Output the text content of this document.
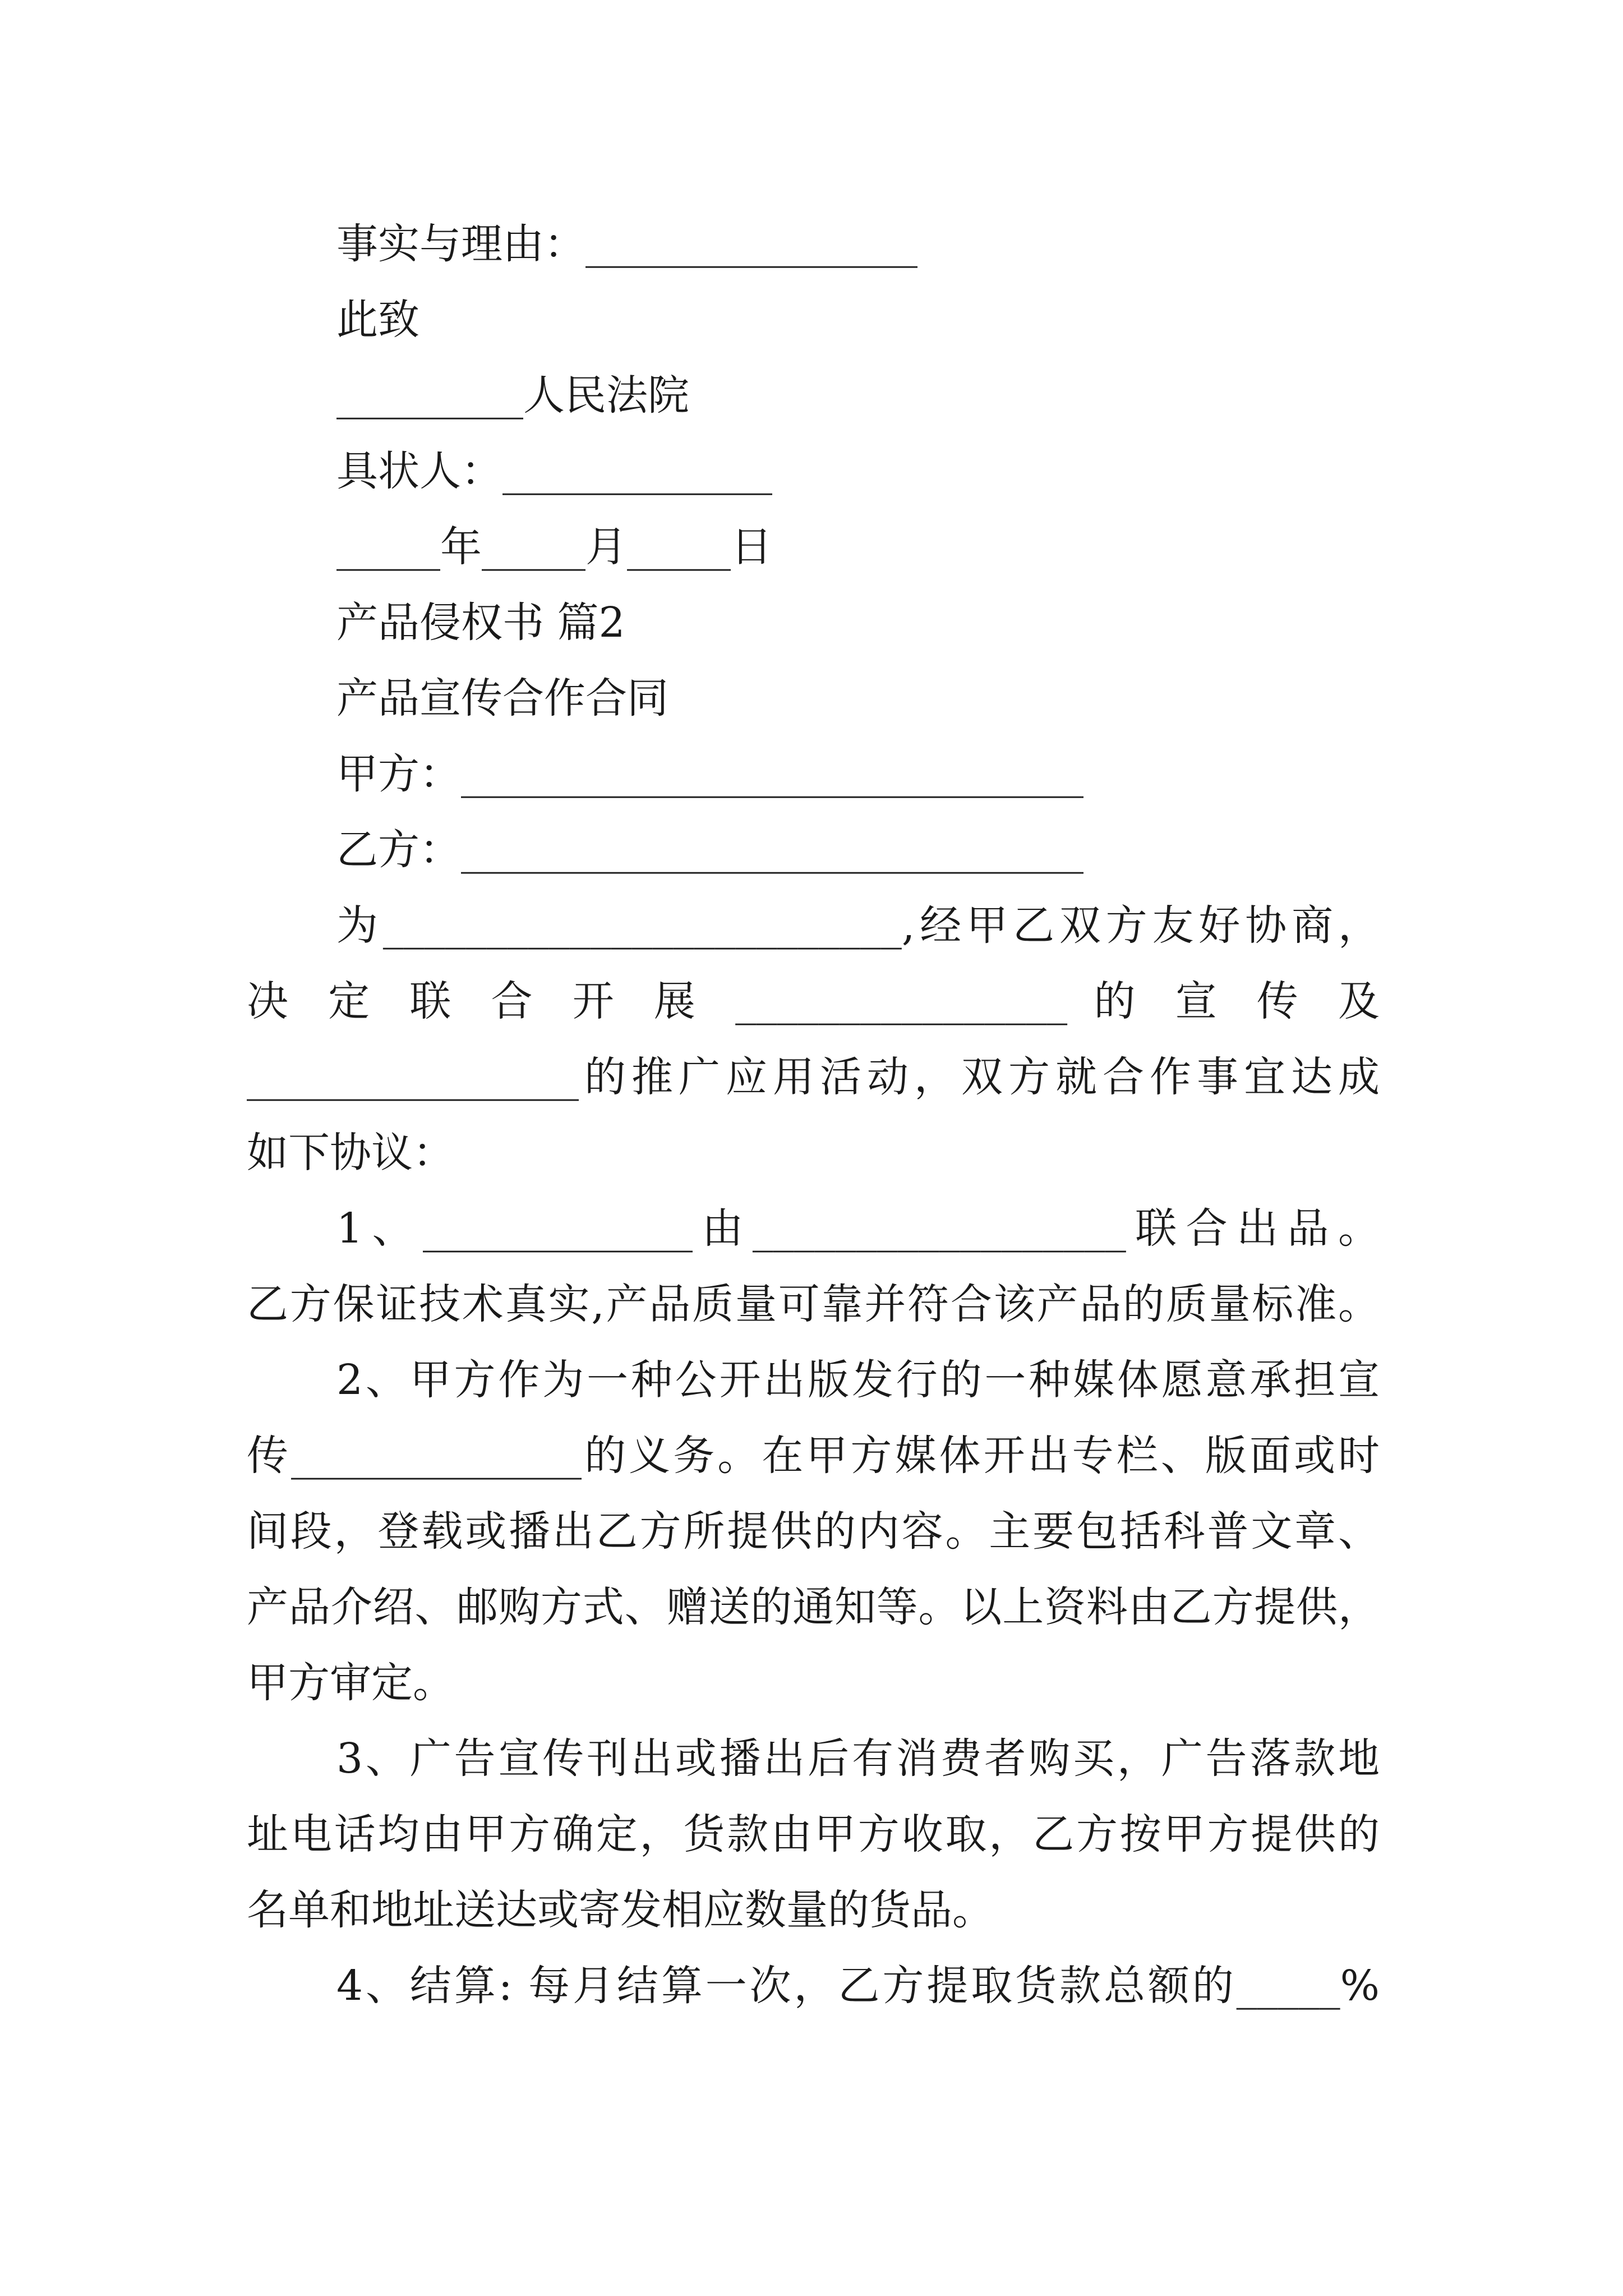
事实与理由：________________
此致
_________人民法院
具状人：_____________
_____年_____月_____日
产品侵权书 篇2
产品宣传合作合同
甲方：______________________________
乙方：______________________________
为_________________________,经甲乙双方友好协商，
决 定 联 合 开 展 ________________ 的 宣 传 及
________________的推广应用活动，双方就合作事宜达成
如下协议：
1、_____________由__________________联合出品。
乙方保证技术真实,产品质量可靠并符合该产品的质量标准。
2、甲方作为一种公开出版发行的一种媒体愿意承担宣
传______________的义务。在甲方媒体开出专栏、版面或时
间段，登载或播出乙方所提供的内容。主要包括科普文章、
产品介绍、邮购方式、赠送的通知等。以上资料由乙方提供，
甲方审定。
3、广告宣传刊出或播出后有消费者购买，广告落款地
址电话均由甲方确定，货款由甲方收取，乙方按甲方提供的
名单和地址送达或寄发相应数量的货品。
4、结算: 每月结算一次，乙方提取货款总额的_____%
